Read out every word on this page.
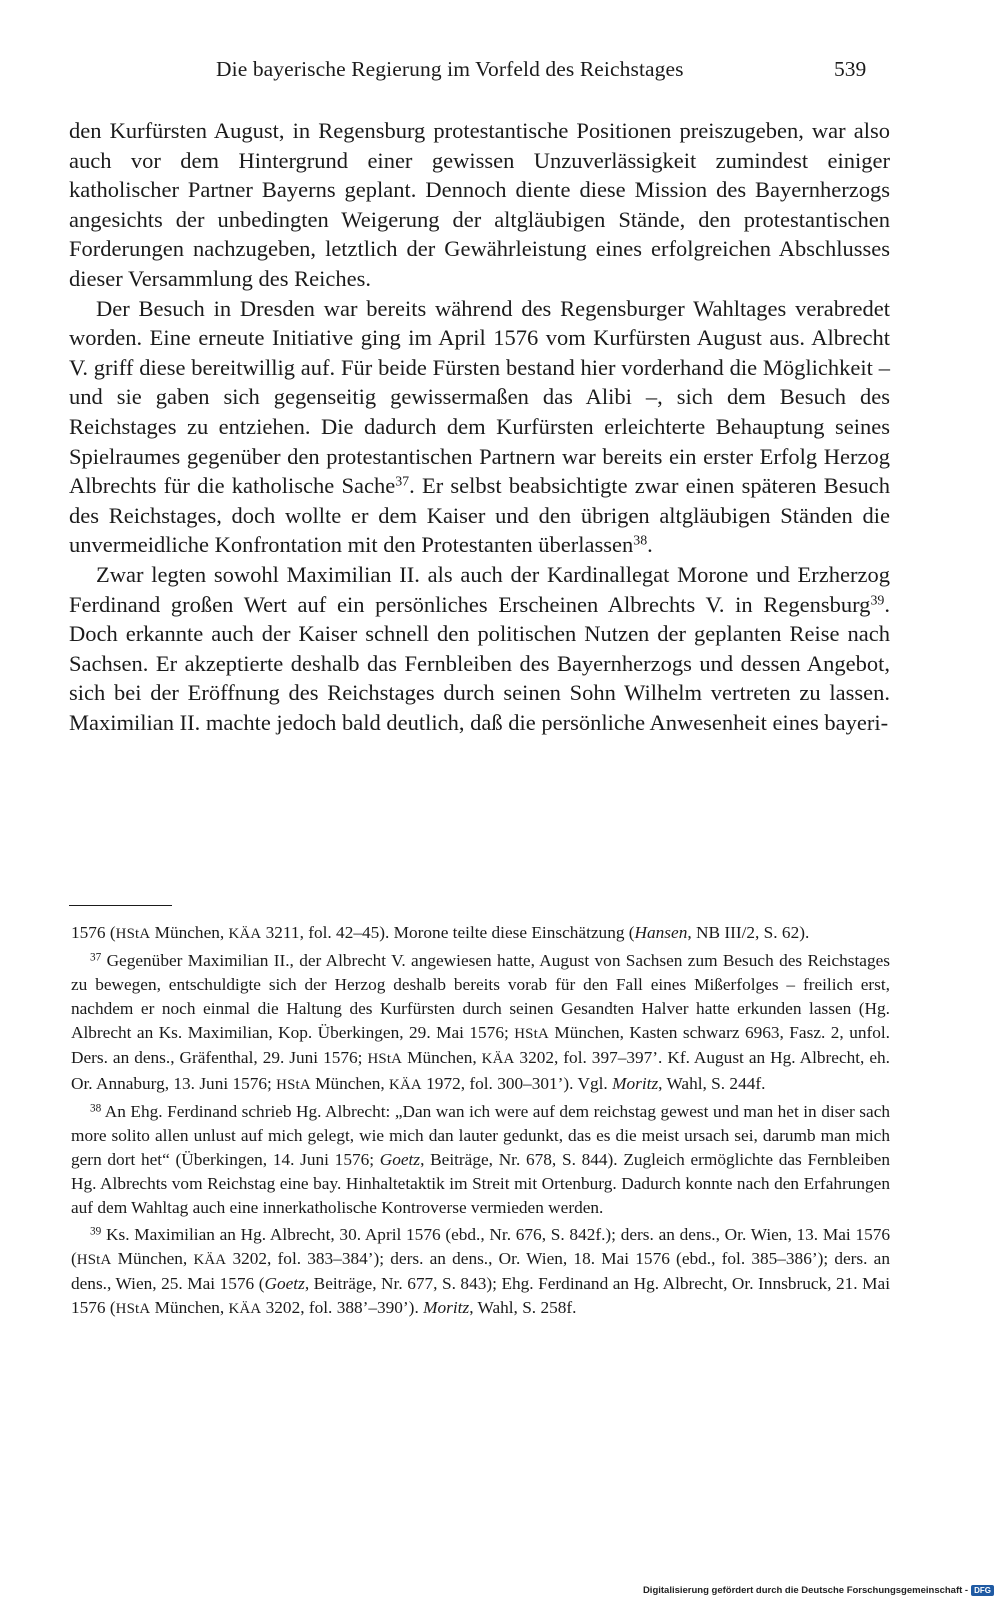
Die bayerische Regierung im Vorfeld des Reichstages	539

den Kurfürsten August, in Regensburg protestantische Positionen preiszugeben, war also auch vor dem Hintergrund einer gewissen Unzuverlässigkeit zumindest einiger katholischer Partner Bayerns geplant. Dennoch diente diese Mission des Bayernherzogs angesichts der unbedingten Weigerung der altgläubigen Stände, den protestantischen Forderungen nachzugeben, letztlich der Gewährleistung eines erfolgreichen Abschlusses dieser Versammlung des Reiches.

Der Besuch in Dresden war bereits während des Regensburger Wahltages verabredet worden. Eine erneute Initiative ging im April 1576 vom Kurfürsten August aus. Albrecht V. griff diese bereitwillig auf. Für beide Fürsten bestand hier vorderhand die Möglichkeit – und sie gaben sich gegenseitig gewissermaßen das Alibi –, sich dem Besuch des Reichstages zu entziehen. Die dadurch dem Kurfürsten erleichterte Behauptung seines Spielraumes gegenüber den protestantischen Partnern war bereits ein erster Erfolg Herzog Albrechts für die katholische Sache$^{37}$. Er selbst beabsichtigte zwar einen späteren Besuch des Reichstages, doch wollte er dem Kaiser und den übrigen altgläubigen Ständen die unvermeidliche Konfrontation mit den Protestanten überlassen$^{38}$.

Zwar legten sowohl Maximilian II. als auch der Kardinallegat Morone und Erzherzog Ferdinand großen Wert auf ein persönliches Erscheinen Albrechts V. in Regensburg$^{39}$. Doch erkannte auch der Kaiser schnell den politischen Nutzen der geplanten Reise nach Sachsen. Er akzeptierte deshalb das Fernbleiben des Bayernherzogs und dessen Angebot, sich bei der Eröffnung des Reichstages durch seinen Sohn Wilhelm vertreten zu lassen. Maximilian II. machte jedoch bald deutlich, daß die persönliche Anwesenheit eines bayeri-

1576 (HStA München, KÄA 3211, fol. 42–45). Morone teilte diese Einschätzung (Hansen, NB III/2, S. 62).

$^{37}$ Gegenüber Maximilian II., der Albrecht V. angewiesen hatte, August von Sachsen zum Besuch des Reichstages zu bewegen, entschuldigte sich der Herzog deshalb bereits vorab für den Fall eines Mißerfolges – freilich erst, nachdem er noch einmal die Haltung des Kurfürsten durch seinen Gesandten Halver hatte erkunden lassen (Hg. Albrecht an Ks. Maximilian, Kop. Überkingen, 29. Mai 1576; HStA München, Kasten schwarz 6963, Fasz. 2, unfol. Ders. an dens., Gräfenthal, 29. Juni 1576; HStA München, KÄA 3202, fol. 397–397’. Kf. August an Hg. Albrecht, eh. Or. Annaburg, 13. Juni 1576; HStA München, KÄA 1972, fol. 300–301’). Vgl. Moritz, Wahl, S. 244f.

$^{38}$ An Ehg. Ferdinand schrieb Hg. Albrecht: „Dan wan ich were auf dem reichstag gewest und man het in diser sach more solito allen unlust auf mich gelegt, wie mich dan lauter gedunkt, das es die meist ursach sei, darumb man mich gern dort het“ (Überkingen, 14. Juni 1576; Goetz, Beiträge, Nr. 678, S. 844). Zugleich ermöglichte das Fernbleiben Hg. Albrechts vom Reichstag eine bay. Hinhaltetaktik im Streit mit Ortenburg. Dadurch konnte nach den Erfahrungen auf dem Wahltag auch eine innerkatholische Kontroverse vermieden werden.

$^{39}$ Ks. Maximilian an Hg. Albrecht, 30. April 1576 (ebd., Nr. 676, S. 842f.); ders. an dens., Or. Wien, 13. Mai 1576 (HStA München, KÄA 3202, fol. 383–384’); ders. an dens., Or. Wien, 18. Mai 1576 (ebd., fol. 385–386’); ders. an dens., Wien, 25. Mai 1576 (Goetz, Beiträge, Nr. 677, S. 843); Ehg. Ferdinand an Hg. Albrecht, Or. Innsbruck, 21. Mai 1576 (HStA München, KÄA 3202, fol. 388’–390’). Moritz, Wahl, S. 258f.

Digitalisierung gefördert durch die Deutsche Forschungsgemeinschaft - DFG
